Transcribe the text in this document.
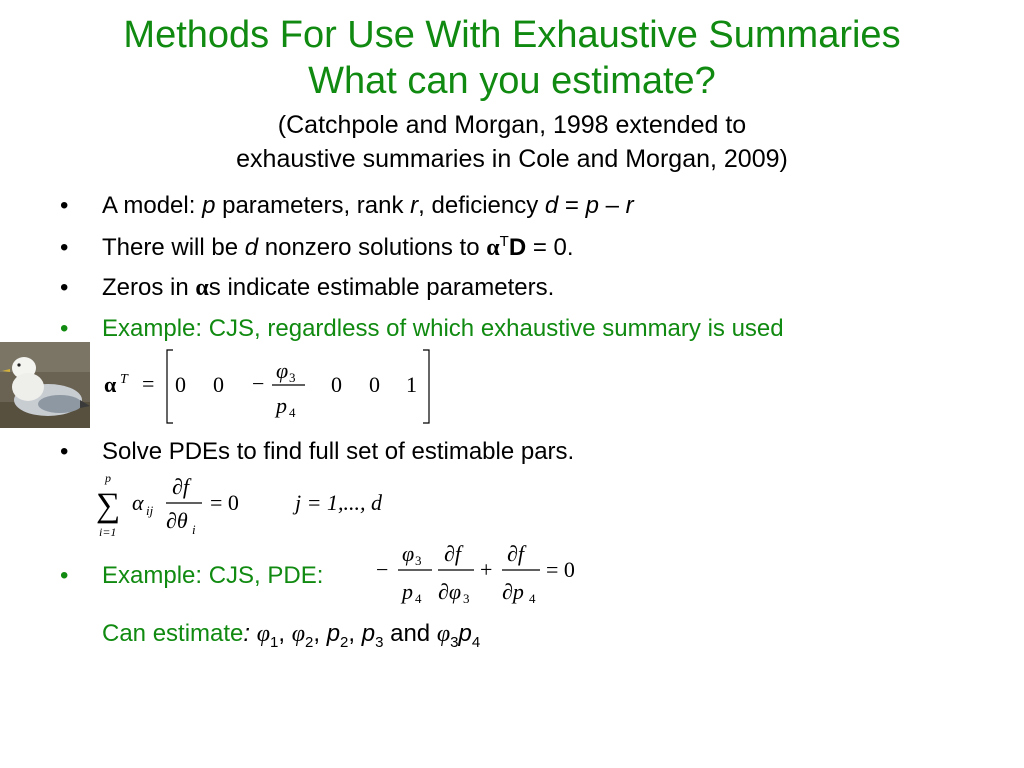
Methods For Use With Exhaustive Summaries
What can you estimate?
(Catchpole and Morgan, 1998 extended to
exhaustive summaries in Cole and Morgan, 2009)
• A model: p parameters, rank r, deficiency d = p – r
• There will be d nonzero solutions to $\alpha^TD = 0$.
• Zeros in αs indicate estimable parameters.
• Example: CJS, regardless of which exhaustive summary is used
α T = 0 0 −
φ 3
p 4
0 0 1
• Solve PDEs to find full set of estimable pars.
p
∑
i=1
α ij
∂f
∂θ i
= 0	j = 1,..., d
• Example: CJS, PDE: −
φ 3
p 4
∂f
∂φ 3
+
∂f
∂p 4
= 0
Can estimate: $\varphi_1$, $\varphi_2$, $p_2$, $p_3$ and $\varphi_3p_4$
